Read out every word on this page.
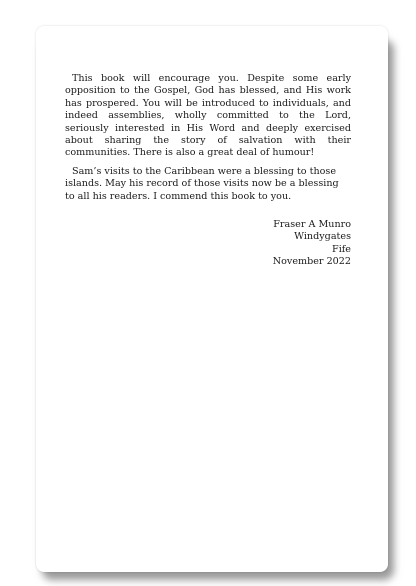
This book will encourage you. Despite some early opposition to the Gospel, God has blessed, and His work has prospered. You will be introduced to individuals, and indeed assemblies, wholly committed to the Lord, seriously interested in His Word and deeply exercised about sharing the story of salvation with their communities. There is also a great deal of humour!

Sam’s visits to the Caribbean were a blessing to those islands. May his record of those visits now be a blessing to all his readers. I commend this book to you.

Fraser A Munro
Windygates
Fife
November 2022
